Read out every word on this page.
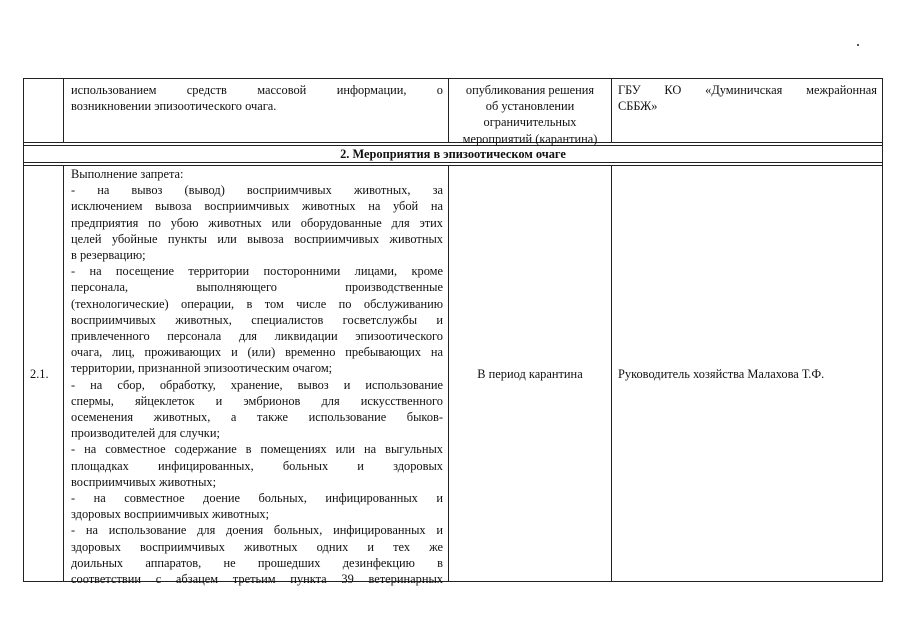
использованием средств массовой информации, о

возникновении эпизоотического очага.

опубликования решения

об установлении

ограничительных

мероприятий (карантина)

ГБУ КО «Думиничская межрайонная

СББЖ»

2. Мероприятия в эпизоотическом очаге

2.1.

Выполнение запрета:

- на вывоз (вывод) восприимчивых животных, за

исключением вывоза восприимчивых животных на убой на

предприятия по убою животных или оборудованные для этих

целей убойные пункты или вывоза восприимчивых животных

в резервацию;

- на посещение территории посторонними лицами, кроме

персонала, выполняющего производственные

(технологические) операции, в том числе по обслуживанию

восприимчивых животных, специалистов госветслужбы и

привлеченного персонала для ликвидации эпизоотического

очага, лиц, проживающих и (или) временно пребывающих на

территории, признанной эпизоотическим очагом;

- на сбор, обработку, хранение, вывоз и использование

спермы, яйцеклеток и эмбрионов для искусственного

осеменения животных, а также использование быков-

производителей для случки;

- на совместное содержание в помещениях или на выгульных

площадках инфицированных, больных и здоровых

восприимчивых животных;

- на совместное доение больных, инфицированных и

здоровых восприимчивых животных;

- на использование для доения больных, инфицированных и

здоровых восприимчивых животных одних и тех же

доильных аппаратов, не прошедших дезинфекцию в

соответствии с абзацем третьим пункта 39 ветеринарных

В период карантина	Руководитель хозяйства Малахова Т.Ф.
